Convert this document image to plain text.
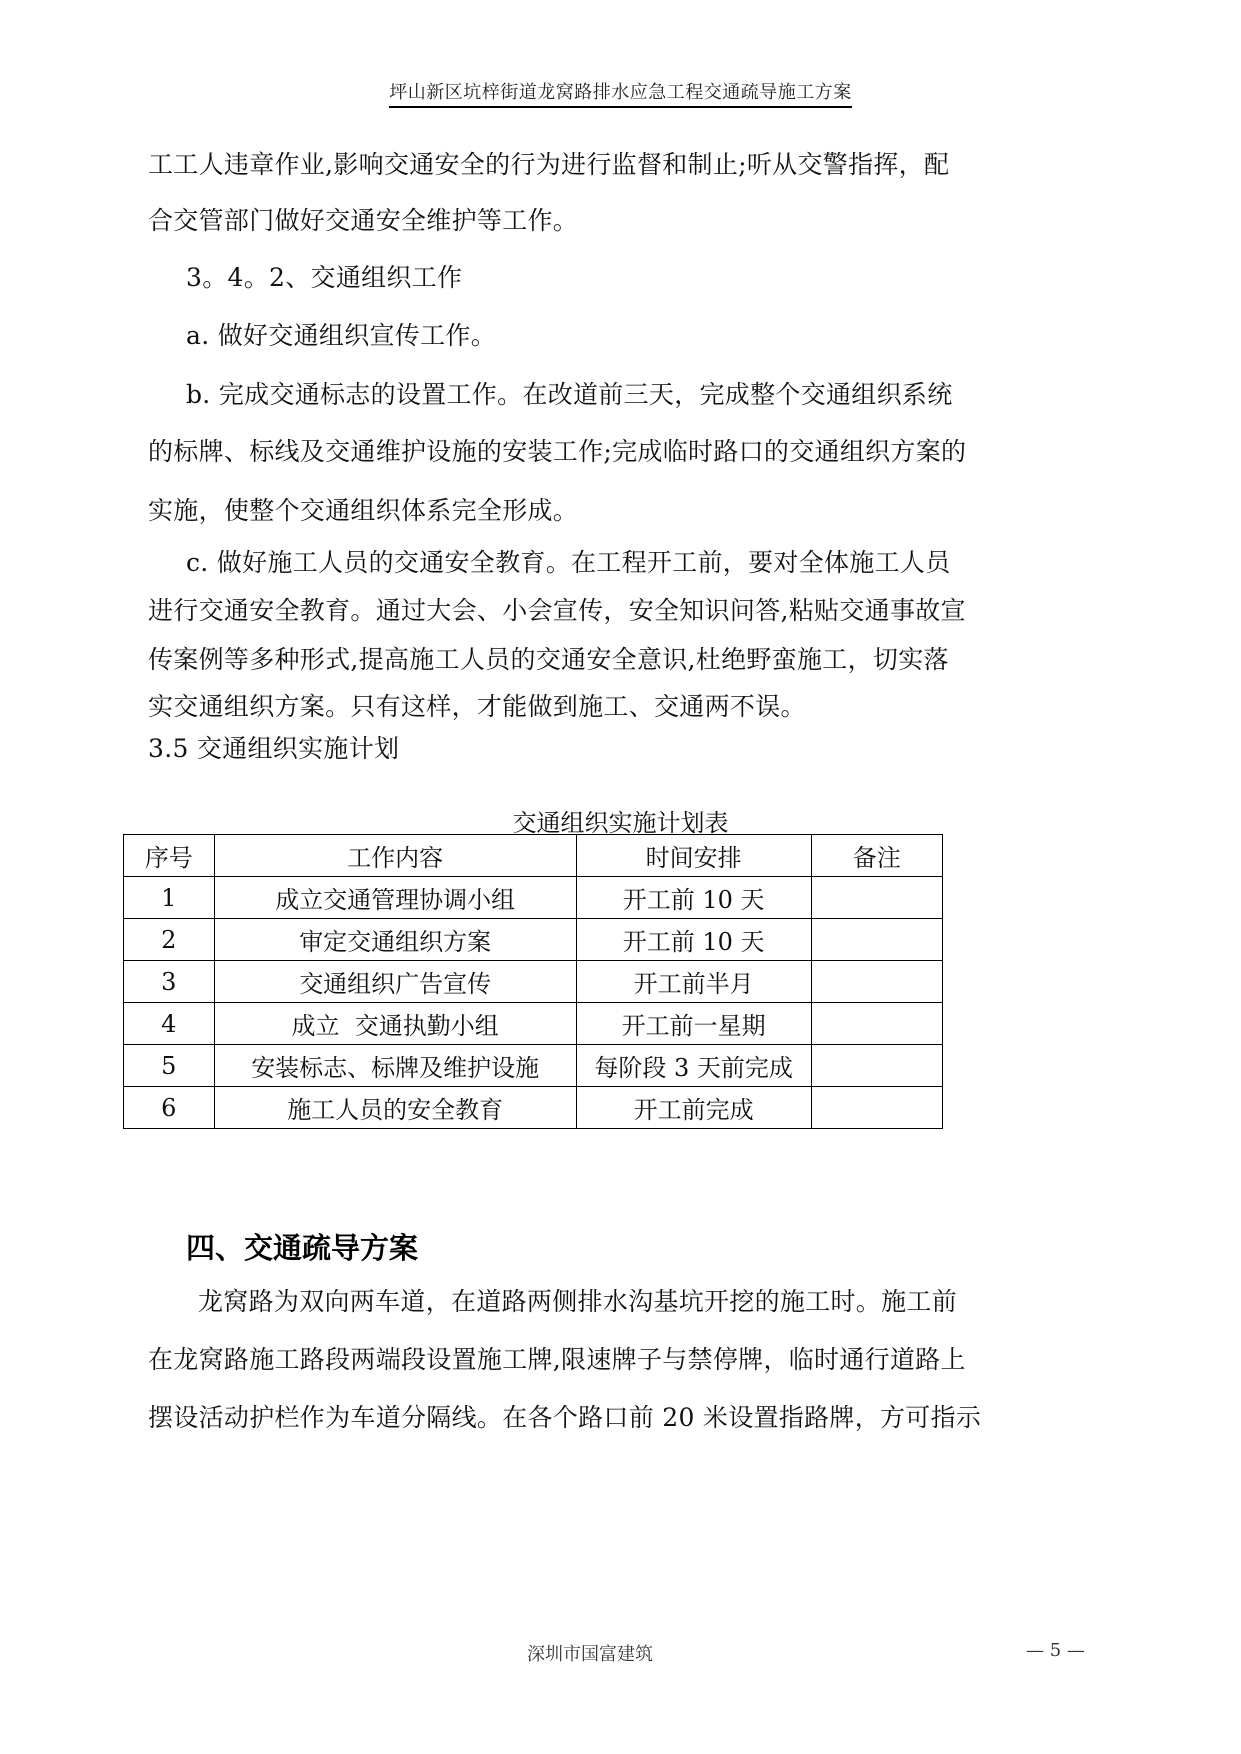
坪山新区坑梓街道龙窝路排水应急工程交通疏导施工方案
工工人违章作业,影响交通安全的行为进行监督和制止;听从交警指挥，配
合交管部门做好交通安全维护等工作。
3。4。2、交通组织工作
a. 做好交通组织宣传工作。
b. 完成交通标志的设置工作。在改道前三天，完成整个交通组织系统
的标牌、标线及交通维护设施的安装工作;完成临时路口的交通组织方案的
实施，使整个交通组织体系完全形成。
c. 做好施工人员的交通安全教育。在工程开工前，要对全体施工人员
进行交通安全教育。通过大会、小会宣传，安全知识问答,粘贴交通事故宣
传案例等多种形式,提高施工人员的交通安全意识,杜绝野蛮施工，切实落
实交通组织方案。只有这样，才能做到施工、交通两不误。
3.5 交通组织实施计划
交通组织实施计划表
序号	工作内容	时间安排	备注
1	成立交通管理协调小组	开工前 10 天	
2	审定交通组织方案	开工前 10 天	
3	交通组织广告宣传	开工前半月	
4	成立  交通执勤小组	开工前一星期	
5	安装标志、标牌及维护设施	每阶段 3 天前完成	
6	施工人员的安全教育	开工前完成	
四、交通疏导方案
龙窝路为双向两车道，在道路两侧排水沟基坑开挖的施工时。施工前
在龙窝路施工路段两端段设置施工牌,限速牌子与禁停牌，临时通行道路上
摆设活动护栏作为车道分隔线。在各个路口前 20 米设置指路牌，方可指示
深圳市国富建筑	— 5 —
